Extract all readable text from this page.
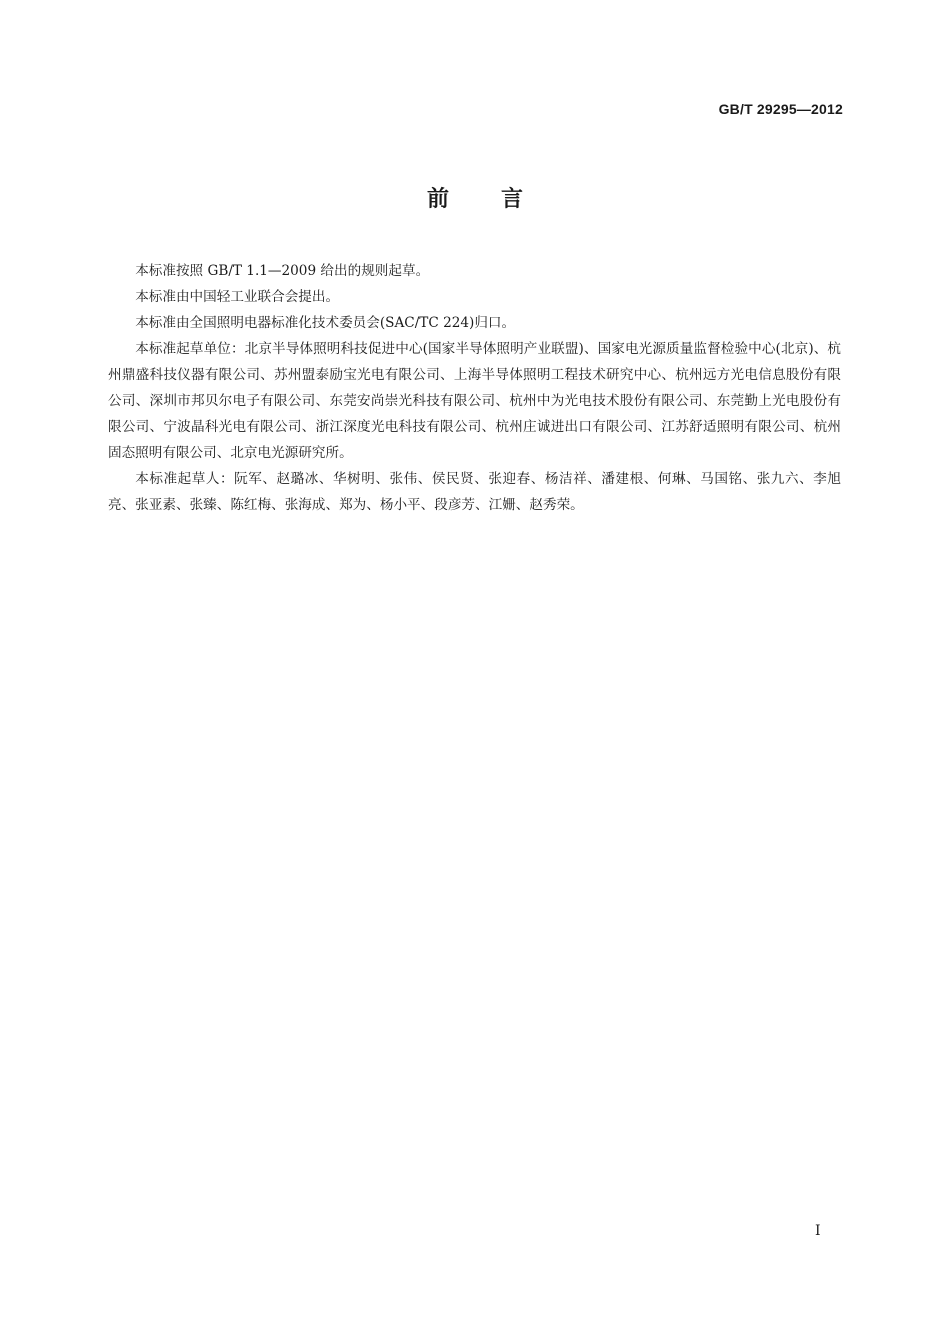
GB/T 29295—2012
前言

本标准按照 GB/T 1.1—2009 给出的规则起草。

本标准由中国轻工业联合会提出。

本标准由全国照明电器标准化技术委员会(SAC/TC 224)归口。

本标准起草单位：北京半导体照明科技促进中心(国家半导体照明产业联盟)、国家电光源质量监督检验中心(北京)、杭州鼎盛科技仪器有限公司、苏州盟泰励宝光电有限公司、上海半导体照明工程技术研究中心、杭州远方光电信息股份有限公司、深圳市邦贝尔电子有限公司、东莞安尚崇光科技有限公司、杭州中为光电技术股份有限公司、东莞勤上光电股份有限公司、宁波晶科光电有限公司、浙江深度光电科技有限公司、杭州庄诚进出口有限公司、江苏舒适照明有限公司、杭州固态照明有限公司、北京电光源研究所。

本标准起草人：阮军、赵璐冰、华树明、张伟、侯民贤、张迎春、杨洁祥、潘建根、何琳、马国铭、张九六、李旭亮、张亚素、张臻、陈红梅、张海成、郑为、杨小平、段彦芳、江姗、赵秀荣。

I
